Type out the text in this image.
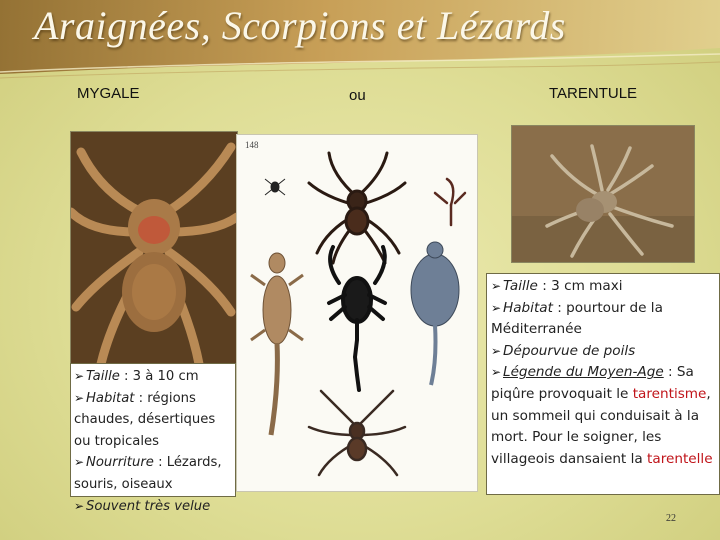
Araignées, Scorpions et Lézards

MYGALE	ou	TARENTULE

➢ Taille : 3 à 10 cm
➢ Habitat : régions chaudes, désertiques ou tropicales
➢ Nourriture : Lézards, souris, oiseaux
➢ Souvent très velue
148
➢ Taille : 3 cm maxi
➢ Habitat : pourtour de la Méditerranée
➢ Dépourvue de poils
➢ Légende du Moyen-Age : Sa piqûre provoquait le tarentisme, un sommeil qui conduisait à la mort. Pour le soigner, les villageois dansaient la tarentelle

22
